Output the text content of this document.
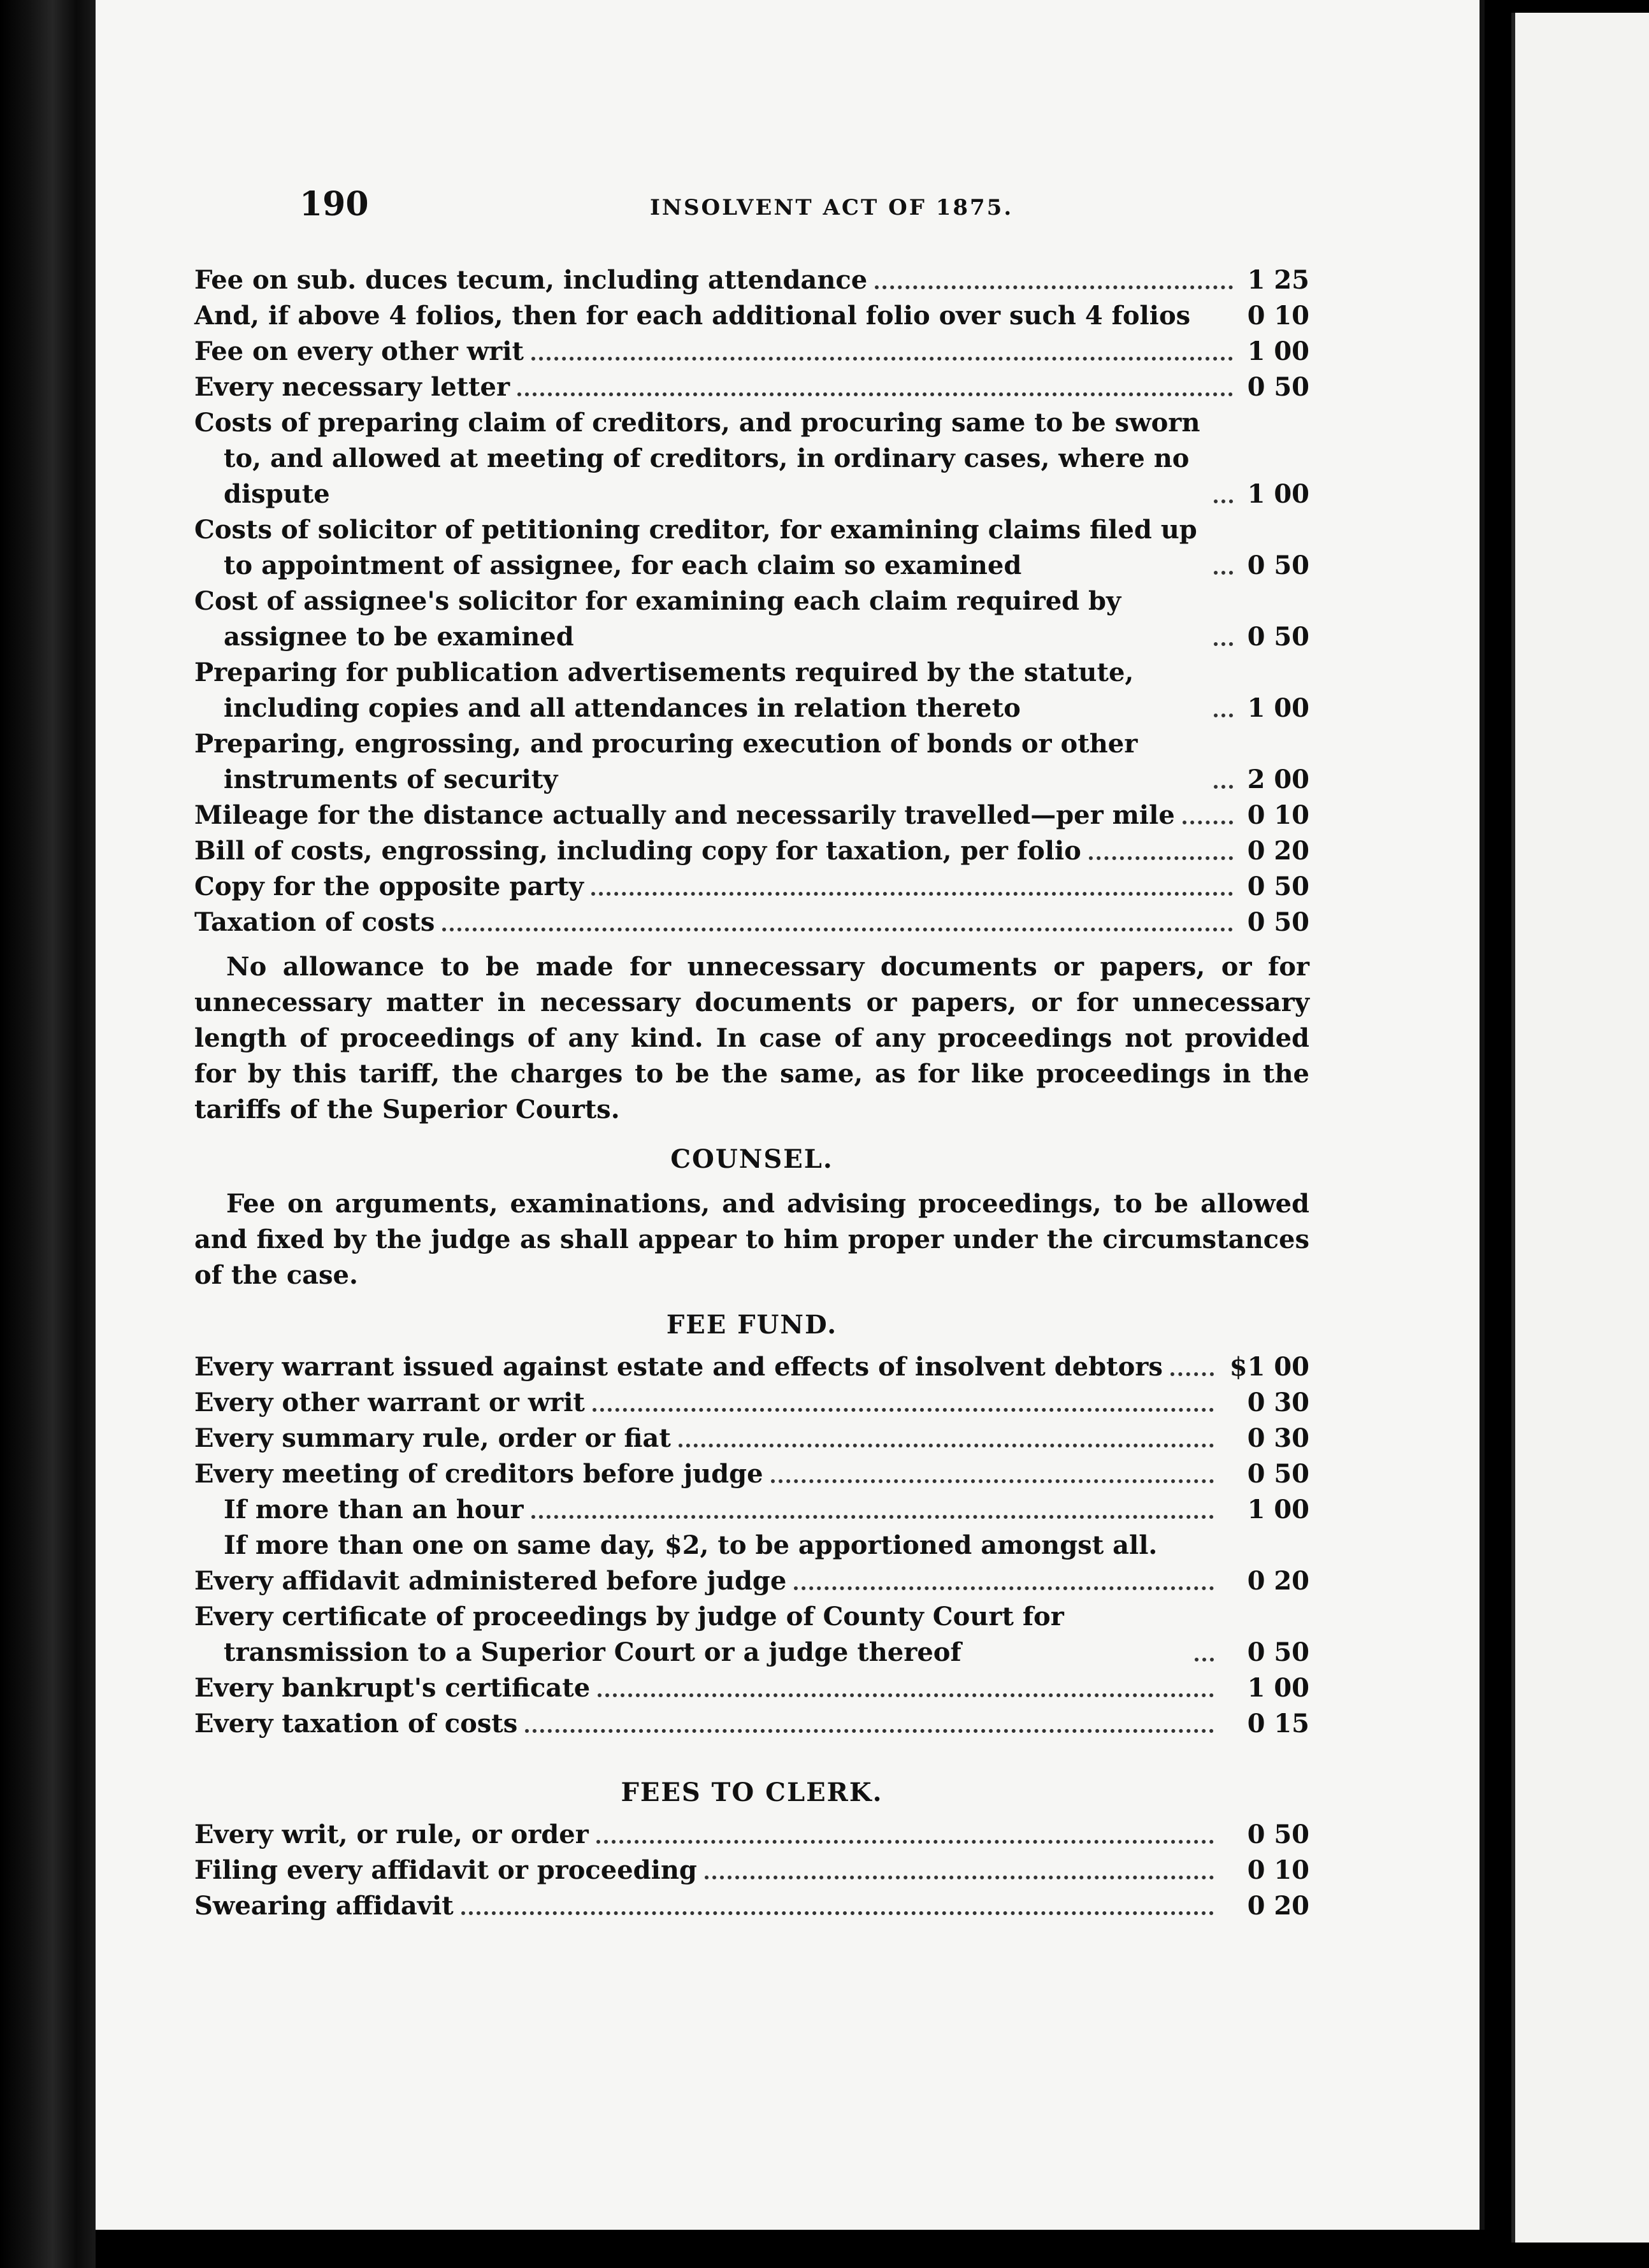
190	INSOLVENT ACT OF 1875.
Fee on sub. duces tecum, including attendance	1 25
And, if above 4 folios, then for each additional folio over such 4 folios	0 10
Fee on every other writ	1 00
Every necessary letter	0 50
Costs of preparing claim of creditors, and procuring same to be sworn to, and allowed at meeting of creditors, in ordinary cases, where no dispute	1 00
Costs of solicitor of petitioning creditor, for examining claims filed up to appointment of assignee, for each claim so examined	0 50
Cost of assignee's solicitor for examining each claim required by assignee to be examined	0 50
Preparing for publication advertisements required by the statute, including copies and all attendances in relation thereto	1 00
Preparing, engrossing, and procuring execution of bonds or other instruments of security	2 00
Mileage for the distance actually and necessarily travelled—per mile	0 10
Bill of costs, engrossing, including copy for taxation, per folio	0 20
Copy for the opposite party	0 50
Taxation of costs	0 50

No allowance to be made for unnecessary documents or papers, or for unnecessary matter in necessary documents or papers, or for unnecessary length of proceedings of any kind. In case of any proceedings not provided for by this tariff, the charges to be the same, as for like proceedings in the tariffs of the Superior Courts.

COUNSEL.

Fee on arguments, examinations, and advising proceedings, to be allowed and fixed by the judge as shall appear to him proper under the circumstances of the case.

FEE FUND.
Every warrant issued against estate and effects of insolvent debtors	$1 00
Every other warrant or writ	0 30
Every summary rule, order or fiat	0 30
Every meeting of creditors before judge	0 50
If more than an hour	1 00
If more than one on same day, $2, to be apportioned amongst all.
Every affidavit administered before judge	0 20
Every certificate of proceedings by judge of County Court for transmission to a Superior Court or a judge thereof	0 50
Every bankrupt's certificate	1 00
Every taxation of costs	0 15
FEES TO CLERK.
Every writ, or rule, or order	0 50
Filing every affidavit or proceeding	0 10
Swearing affidavit	0 20
